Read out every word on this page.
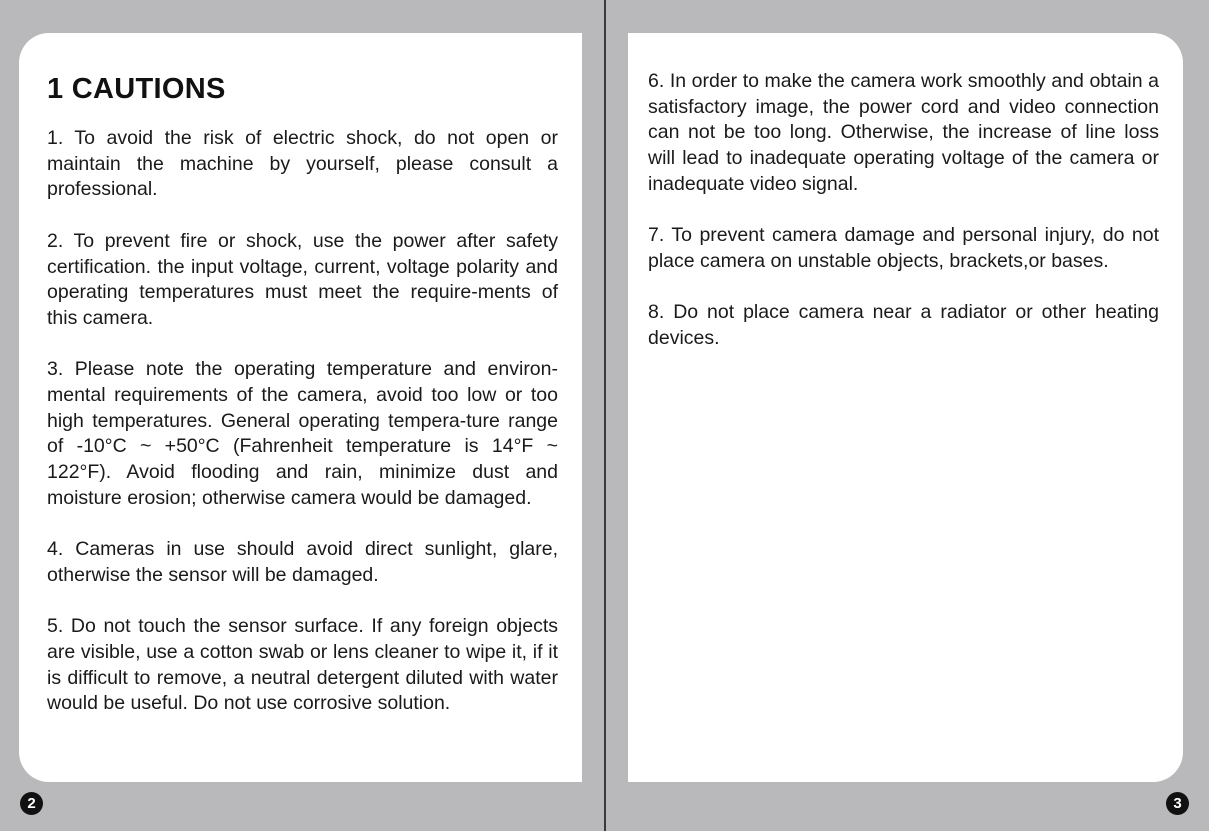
1 CAUTIONS

1. To avoid the risk of electric shock, do not open or maintain the machine by yourself, please consult a professional.

2. To prevent fire or shock, use the power after safety certification. the input voltage, current, voltage polarity and operating temperatures must meet the require-ments of this camera.

3. Please note the operating temperature and environ-mental requirements of the camera, avoid too low or too high temperatures. General operating tempera-ture range of -10°C ~ +50°C (Fahrenheit temperature is 14°F ~ 122°F). Avoid flooding and rain, minimize dust and moisture erosion; otherwise camera would be damaged.

4. Cameras in use should avoid direct sunlight, glare, otherwise the sensor will be damaged.

5. Do not touch the sensor surface. If any foreign objects are visible, use a cotton swab or lens cleaner to wipe it, if it is difficult to remove, a neutral detergent diluted with water would be useful. Do not use corrosive solution.

6. In order to make the camera work smoothly and obtain a satisfactory image, the power cord and video connection can not be too long. Otherwise, the increase of line loss will lead to inadequate operating voltage of the camera or inadequate video signal.

7. To prevent camera damage and personal injury, do not place camera on unstable objects, brackets,or bases.

8. Do not place camera near a radiator or other heating devices.

2	3
